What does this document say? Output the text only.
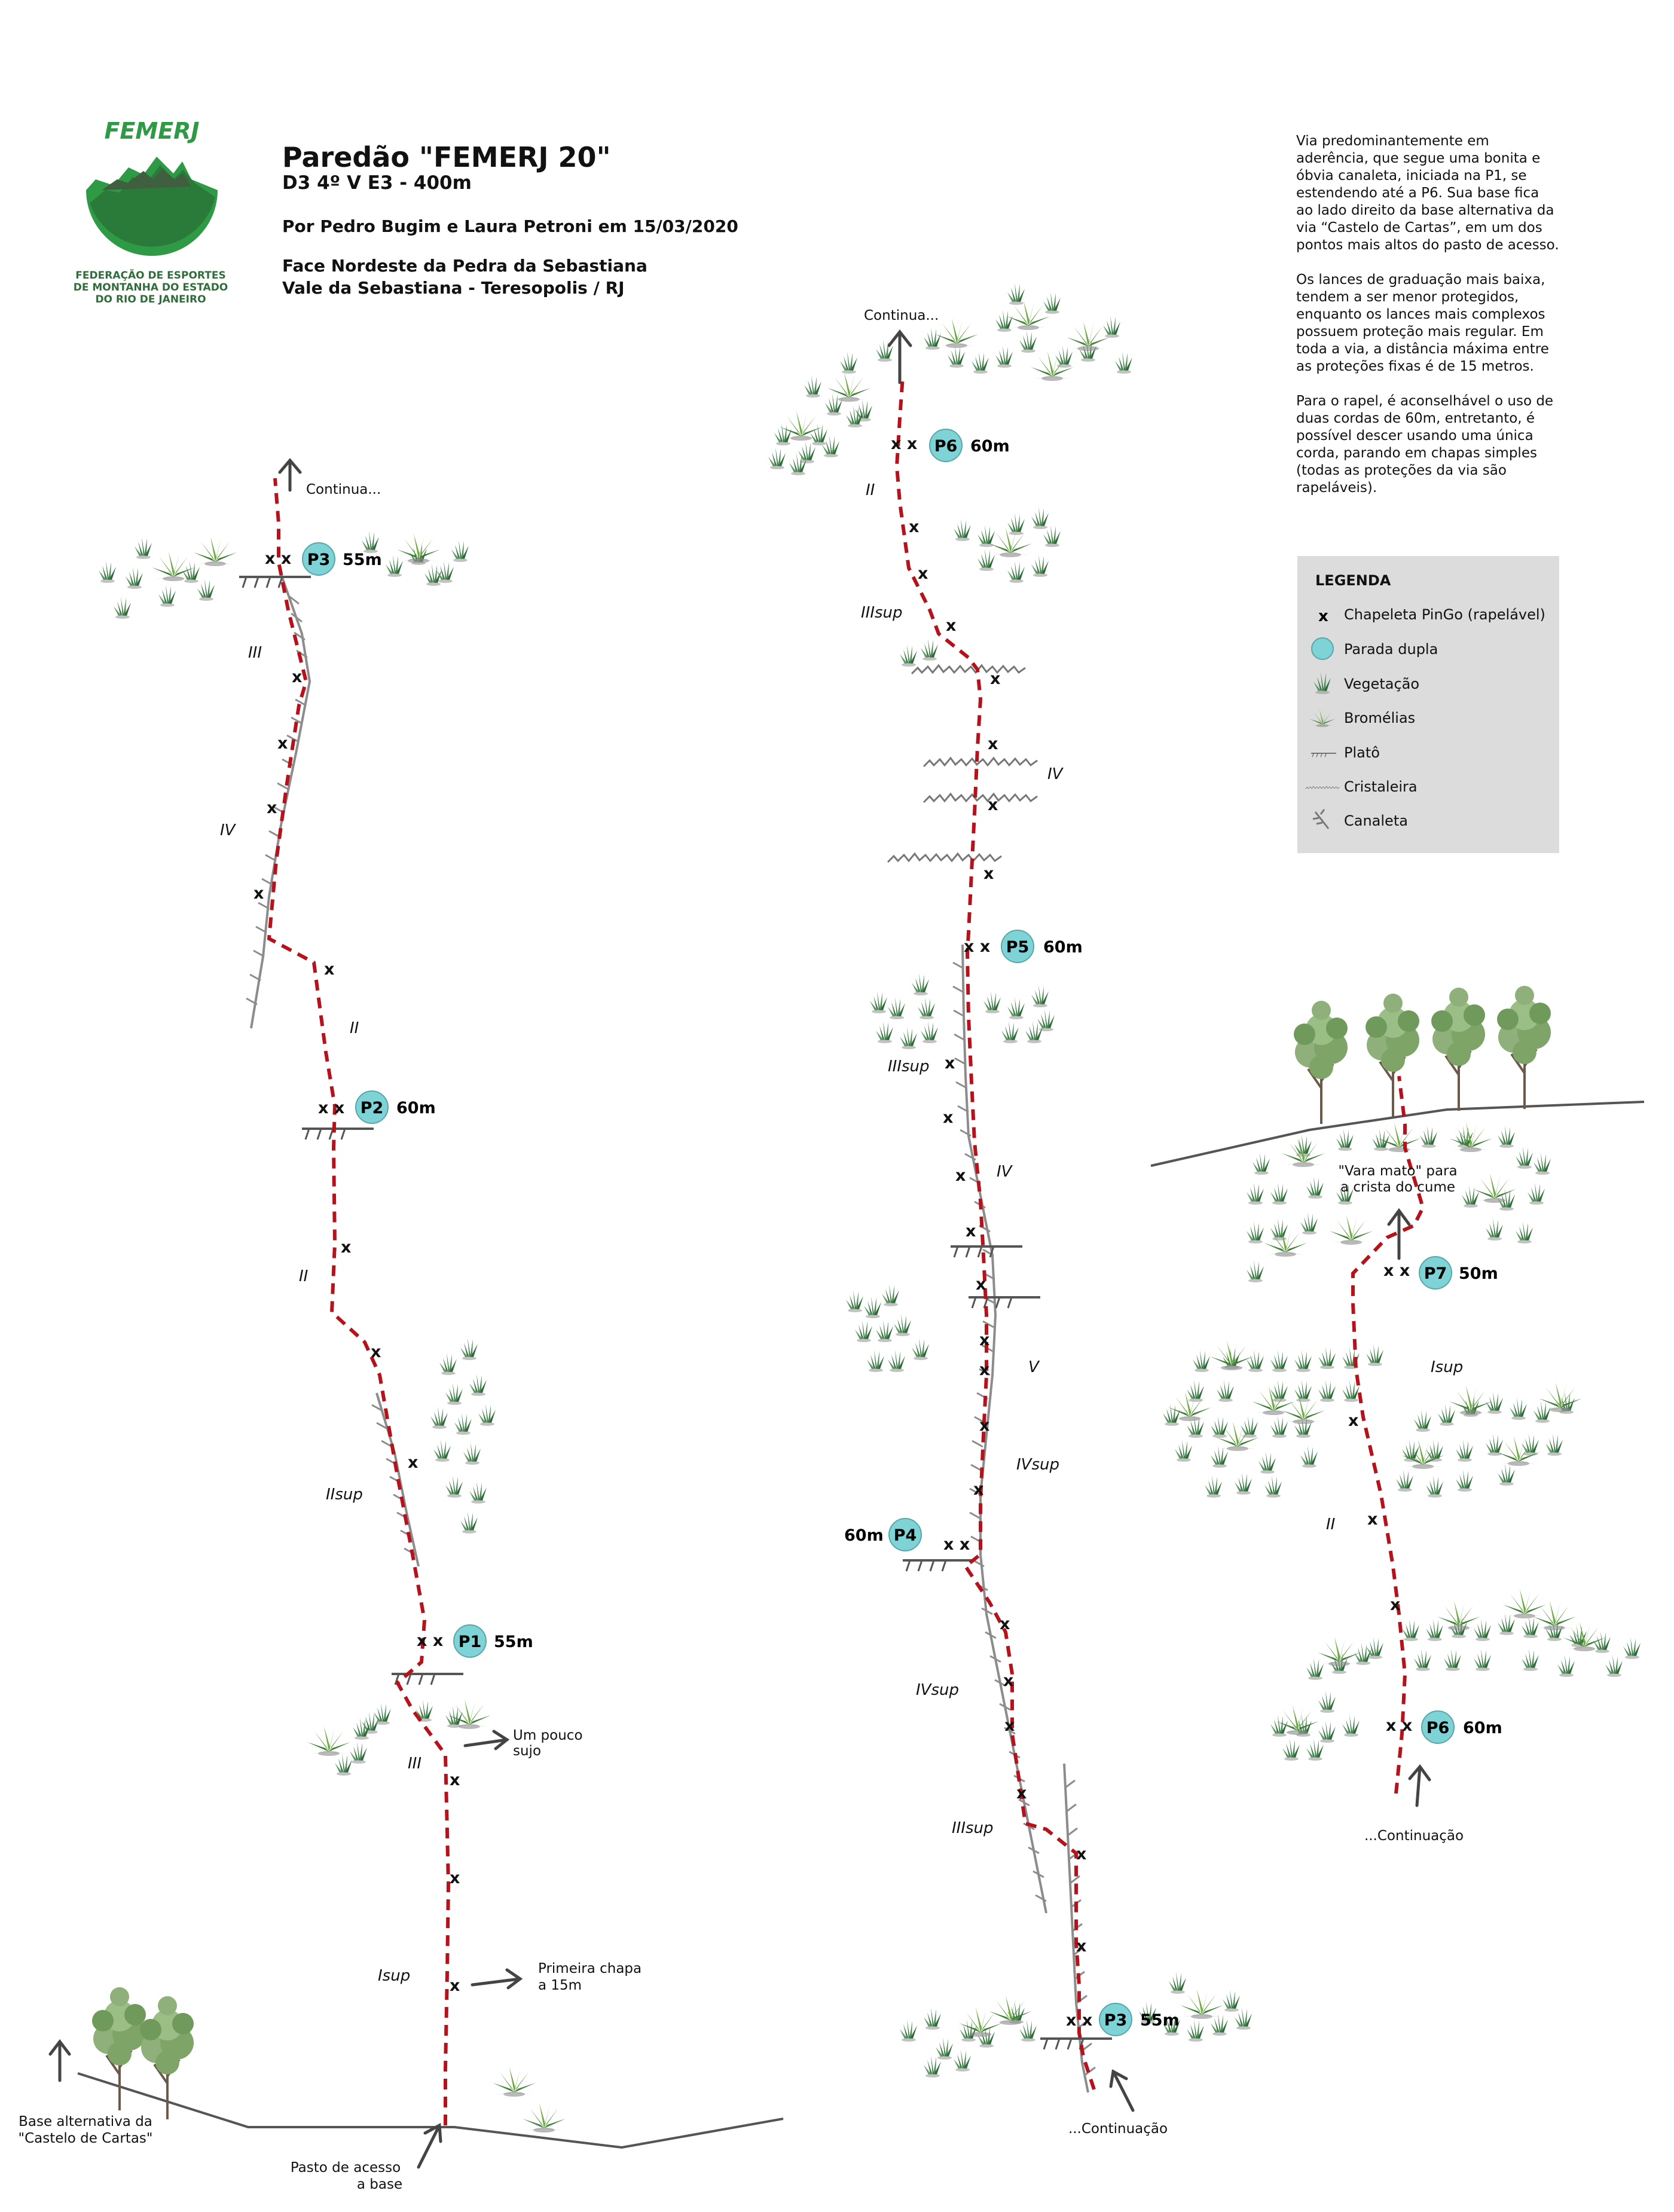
Paredão "FEMERJ 20"
D3 4º V E3 - 400m
Por Pedro Bugim e Laura Petroni em 15/03/2020
Face Nordeste da Pedra da Sebastiana
Vale da Sebastiana - Teresopolis / RJ
FEDERAÇÃO DE ESPORTES
DE MONTANHA DO ESTADO
DO RIO DE JANEIRO
Via predominantemente em aderência, que segue uma bonita e óbvia canaleta, iniciada na P1, se estendendo até a P6. Sua base fica ao lado direito da base alternativa da via “Castelo de Cartas”, em um dos pontos mais altos do pasto de acesso.
Os lances de graduação mais baixa, tendem a ser menor protegidos, enquanto os lances mais complexos possuem proteção mais regular. Em toda a via, a distância máxima entre as proteções fixas é de 15 metros.
Para o rapel, é aconselhável o uso de duas cordas de 60m, entretanto, é possível descer usando uma única corda, parando em chapas simples (todas as proteções da via são rapeláveis).
LEGENDA
Chapeleta PinGo (rapelável)
Parada dupla
Vegetação
Bromélias
Platô
Cristaleira
Canaleta
FEMERJ
x
x
x
x
x
x
x
x
x
x
x
x
x
x
x
x
x
x
x
x
x
x
x
x
x
x
x
x
x
x
x
x
x
x
x
x
x x
x x
x x
x x
x x
x x
x x
x x
x x
P3 55m
P2 60m
P1 55m
P6 60m
P5 60m
P4
60m
P3 55m
P7 50m
P6 60m
Isup
III
IIsup
II
II
IV
III
IIIsup
IVsup
IVsup
V
IV
IIIsup
IV
IIIsup
II
II
Isup
Continua...
Continua...
Um pouco
sujo
Primeira chapa
a 15m
Base alternativa da
"Castelo de Cartas"
Pasto de acesso
a base
...Continuação
...Continuação
"Vara mato" para
a crista do cume
x
